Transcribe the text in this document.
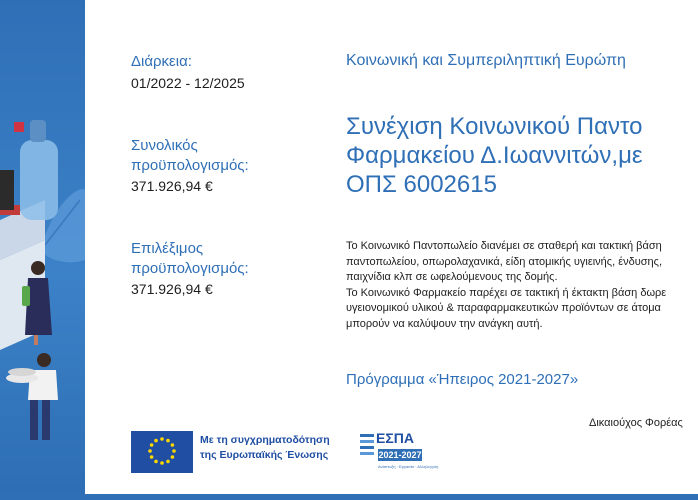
Διάρκεια:
01/2022 - 12/2025
Συνολικός
προϋπολογισμός:
371.926,94 €
Επιλέξιμος
προϋπολογισμός:
371.926,94 €
Κοινωνική και Συμπεριληπτική Ευρώπη
Συνέχιση Κοινωνικού Παντο
Φαρμακείου Δ.Ιωαννιτών,με
ΟΠΣ 6002615
Το Κοινωνικό Παντοπωλείο διανέμει σε σταθερή και τακτική βάση
παντοπωλείου, οπωρολαχανικά, είδη ατομικής υγιεινής, ένδυσης,
παιχνίδια κλπ σε ωφελούμενους της δομής.
Το Κοινωνικό Φαρμακείο παρέχει σε τακτική ή έκτακτη βάση δωρε
υγειονομικού υλικού & παραφαρμακευτικών προϊόντων σε άτομα
μπορούν να καλύψουν την ανάγκη αυτή.
Πρόγραμμα «Ήπειρος 2021-2027»
Δικαιούχος Φορέας
Με τη συγχρηματοδότηση
της Ευρωπαϊκής Ένωσης
ΕΣΠΑ
2021-2027
Ανάπτυξη · Εργασία · Αλληλεγγύη
